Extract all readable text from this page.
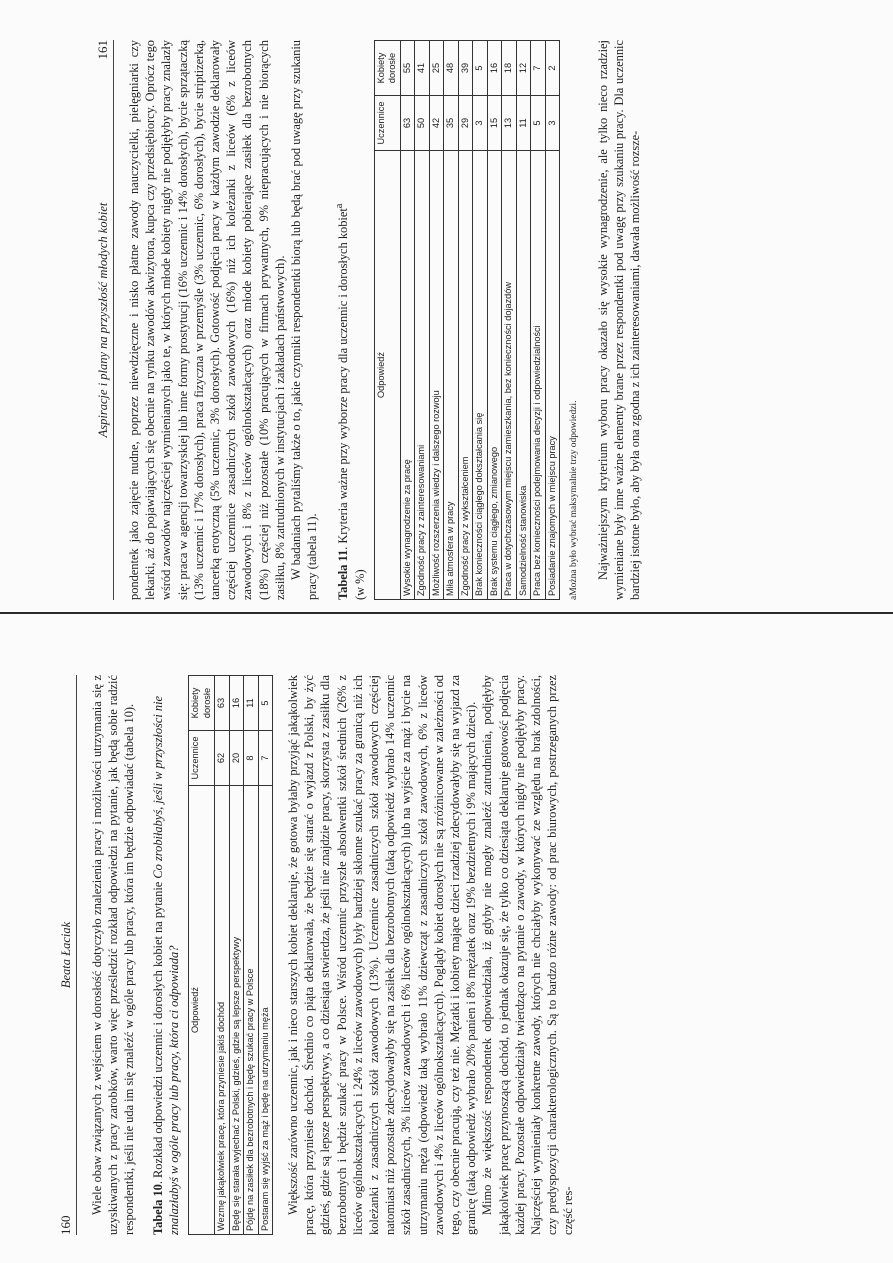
160
Beata Łaciak Wiele obaw związanych z wejściem w dorosłość dotyczyło znalezienia pracy i możliwości utrzymania się z uzyskiwanych z pracy zarobków, warto więc prześledzić rozkład odpowiedzi na pytanie, jak będą sobie radzić respondentki, jeśli nie uda im się znaleźć w ogóle pracy lub pracy, która im będzie odpowiadać (tabela 10). Tabela 10. Rozkład odpowiedzi uczennic i dorosłych kobiet na pytanie Co zrobiłabyś, jeśli w przyszłości nie znalazłabyś w ogóle pracy lub pracy, która ci odpowiada? Odpowiedź	Uczennice	Kobiety dorosłe
Wezmę jakąkolwiek pracę, która przyniesie jakiś dochód	62	63
Będę się starała wyjechać z Polski, gdzieś, gdzie są lepsze perspektywy	20	16
Pójdę na zasiłek dla bezrobotnych i będę szukać pracy w Polsce	8	11
Postaram się wyjść za mąż i będę na utrzymaniu męża	7	5 Większość zarówno uczennic, jak i nieco starszych kobiet deklaruje, że gotowa byłaby przyjąć jakąkolwiek pracę, która przyniesie dochód. Średnio co piąta deklarowała, że będzie się starać o wyjazd z Polski, by żyć gdzieś, gdzie są lepsze perspektywy, a co dziesiąta stwierdza, że jeśli nie znajdzie pracy, skorzysta z zasiłku dla bezrobotnych i będzie szukać pracy w Polsce. Wśród uczennic przyszłe absolwentki szkół średnich (26% z liceów ogólnokształcących i 24% z liceów zawodowych) były bardziej skłonne szukać pracy za granicą niż ich koleżanki z zasadniczych szkół zawodowych (13%). Uczennice zasadniczych szkół zawodowych częściej natomiast niż pozostałe zdecydowałyby się na zasiłek dla bezrobotnych (taką odpowiedź wybrało 14% uczennic szkół zasadniczych, 3% liceów zawodowych i 6% liceów ogólnokształcących) lub na wyjście za mąż i bycie na utrzymaniu męża (odpowiedź taką wybrało 11% dziewcząt z zasadniczych szkół zawodowych, 6% z liceów zawodowych i 4% z liceów ogólnokształcących). Poglądy kobiet dorosłych nie są zróżnicowane w zależności od tego, czy obecnie pracują, czy też nie. Mężatki i kobiety mające dzieci rzadziej zdecydowałyby się na wyjazd za granicę (taką odpowiedź wybrało 20% panien i 8% mężatek oraz 19% bezdzietnych i 9% mających dzieci). Mimo że większość respondentek odpowiedziała, iż gdyby nie mogły znaleźć zatrudnienia, podjęłyby jakąkolwiek pracę przynoszącą dochód, to jednak okazuje się, że tylko co dziesiąta deklaruje gotowość podjęcia każdej pracy. Pozostałe odpowiedziały twierdząco na pytanie o zawody, w których nigdy nie podjęłyby pracy. Najczęściej wymieniały konkretne zawody, których nie chciałyby wykonywać ze względu na brak zdolności, czy predyspozycji charakterologicznych. Są to bardzo różne zawody: od prac biurowych, postrzeganych przez część res-

Aspiracje i plany na przyszłość młodych kobiet
161 pondentek jako zajęcie nudne, poprzez niewdzięczne i nisko płatne zawody nauczycielki, pielęgniarki czy lekarki, aż do pojawiających się obecnie na rynku zawodów akwizytora, kupca czy przedsiębiorcy. Oprócz tego wśród zawodów najczęściej wymienianych jako te, w których młode kobiety nigdy nie podjęłyby pracy znalazły się: praca w agencji towarzyskiej lub inne formy prostytucji (16% uczennic i 14% dorosłych), bycie sprzątaczką (13% uczennic i 17% dorosłych), praca fizyczna w przemyśle (3% uczennic, 6% dorosłych), bycie striptizerką, tancerką erotyczną (5% uczennic, 3% dorosłych). Gotowość podjęcia pracy w każdym zawodzie deklarowały częściej uczennice zasadniczych szkół zawodowych (16%) niż ich koleżanki z liceów (6% z liceów zawodowych i 8% z liceów ogólnokształcących) oraz młode kobiety pobierające zasiłek dla bezrobotnych (18%) częściej niż pozostałe (10% pracujących w firmach prywatnych, 9% niepracujących i nie biorących zasiłku, 8% zatrudnionych w instytucjach i zakładach państwowych). W badaniach pytaliśmy także o to, jakie czynniki respondentki biorą lub będą brać pod uwagę przy szukaniu pracy (tabela 11).	Tabela 11. Kryteria ważne przy wyborze pracy dla uczennic i dorosłych kobiet$^a$
(w %)

Odpowiedź	Uczennice	Kobiety dorosłe
Wysokie wynagrodzenie za pracę	63	55
Zgodność pracy z zainteresowaniami	50	41
Możliwość rozszerzenia wiedzy i dalszego rozwoju	42	25
Miła atmosfera w pracy	35	48
Zgodność pracy z wykształceniem	29	39
Brak konieczności ciągłego dokształcania się	3	5
Brak systemu ciągłego, zmianowego	15	16
Praca w dotychczasowym miejscu zamieszkania, bez konieczności dojazdów	13	18
Samodzielność stanowiska	11	12
Praca bez konieczności podejmowania decyzji i odpowiedzialności	5	7
Posiadanie znajomych w miejscu pracy	3	2

aMożna było wybrać maksymalnie trzy odpowiedzi. Najważniejszym kryterium wyboru pracy okazało się wysokie wynagrodzenie, ale tylko nieco rzadziej wymieniane były inne ważne elementy brane przez respondentki pod uwagę przy szukaniu pracy. Dla uczennic bardziej istotne było, aby była ona zgodna z ich zainteresowaniami, dawała możliwość rozsze-
